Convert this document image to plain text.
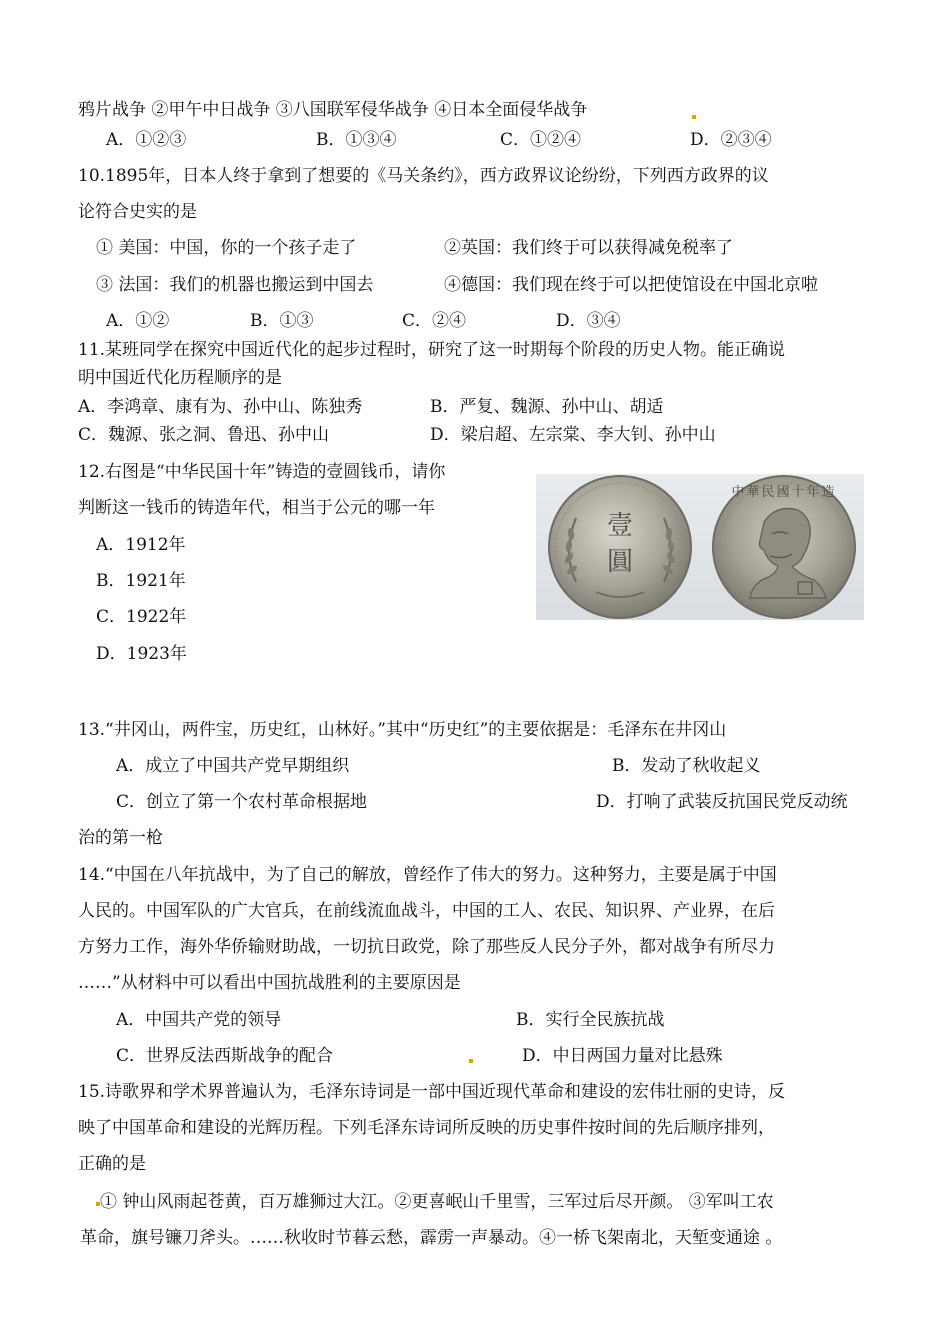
鸦片战争 ②甲午中日战争 ③八国联军侵华战争 ④日本全面侵华战争
A．①②③	B．①③④	C．①②④	D．②③④
10.1895年，日本人终于拿到了想要的《马关条约》，西方政界议论纷纷，下列西方政界的议
论符合史实的是
① 美国：中国，你的一个孩子走了	②英国：我们终于可以获得减免税率了
③ 法国：我们的机器也搬运到中国去	④德国：我们现在终于可以把使馆设在中国北京啦
A．①②	B．①③	C．②④	D．③④
11.某班同学在探究中国近代化的起步过程时，研究了这一时期每个阶段的历史人物。能正确说
明中国近代化历程顺序的是
A．李鸿章、康有为、孙中山、陈独秀	B．严复、魏源、孙中山、胡适
C．魏源、张之洞、鲁迅、孙中山	D．梁启超、左宗棠、李大钊、孙中山
12.右图是“中华民国十年”铸造的壹圆钱币，请你
判断这一钱币的铸造年代，相当于公元的哪一年
A．1912年
B．1921年
C．1922年
D．1923年
壹
圓
中華民國十年造
13.“井冈山，两件宝，历史红，山林好。”其中“历史红”的主要依据是：毛泽东在井冈山
A．成立了中国共产党早期组织	B．发动了秋收起义
C．创立了第一个农村革命根据地	D．打响了武装反抗国民党反动统
治的第一枪
14.“中国在八年抗战中，为了自己的解放，曾经作了伟大的努力。这种努力，主要是属于中国
人民的。中国军队的广大官兵，在前线流血战斗，中国的工人、农民、知识界、产业界，在后
方努力工作，海外华侨输财助战，一切抗日政党，除了那些反人民分子外，都对战争有所尽力
……”从材料中可以看出中国抗战胜利的主要原因是
A．中国共产党的领导	B．实行全民族抗战
C．世界反法西斯战争的配合	D．中日两国力量对比悬殊
15.诗歌界和学术界普遍认为，毛泽东诗词是一部中国近现代革命和建设的宏伟壮丽的史诗，反
映了中国革命和建设的光辉历程。下列毛泽东诗词所反映的历史事件按时间的先后顺序排列，
正确的是
① 钟山风雨起苍黄，百万雄狮过大江。②更喜岷山千里雪，三军过后尽开颜。 ③军叫工农
革命，旗号镰刀斧头。……秋收时节暮云愁，霹雳一声暴动。④一桥飞架南北，天堑变通途 。
